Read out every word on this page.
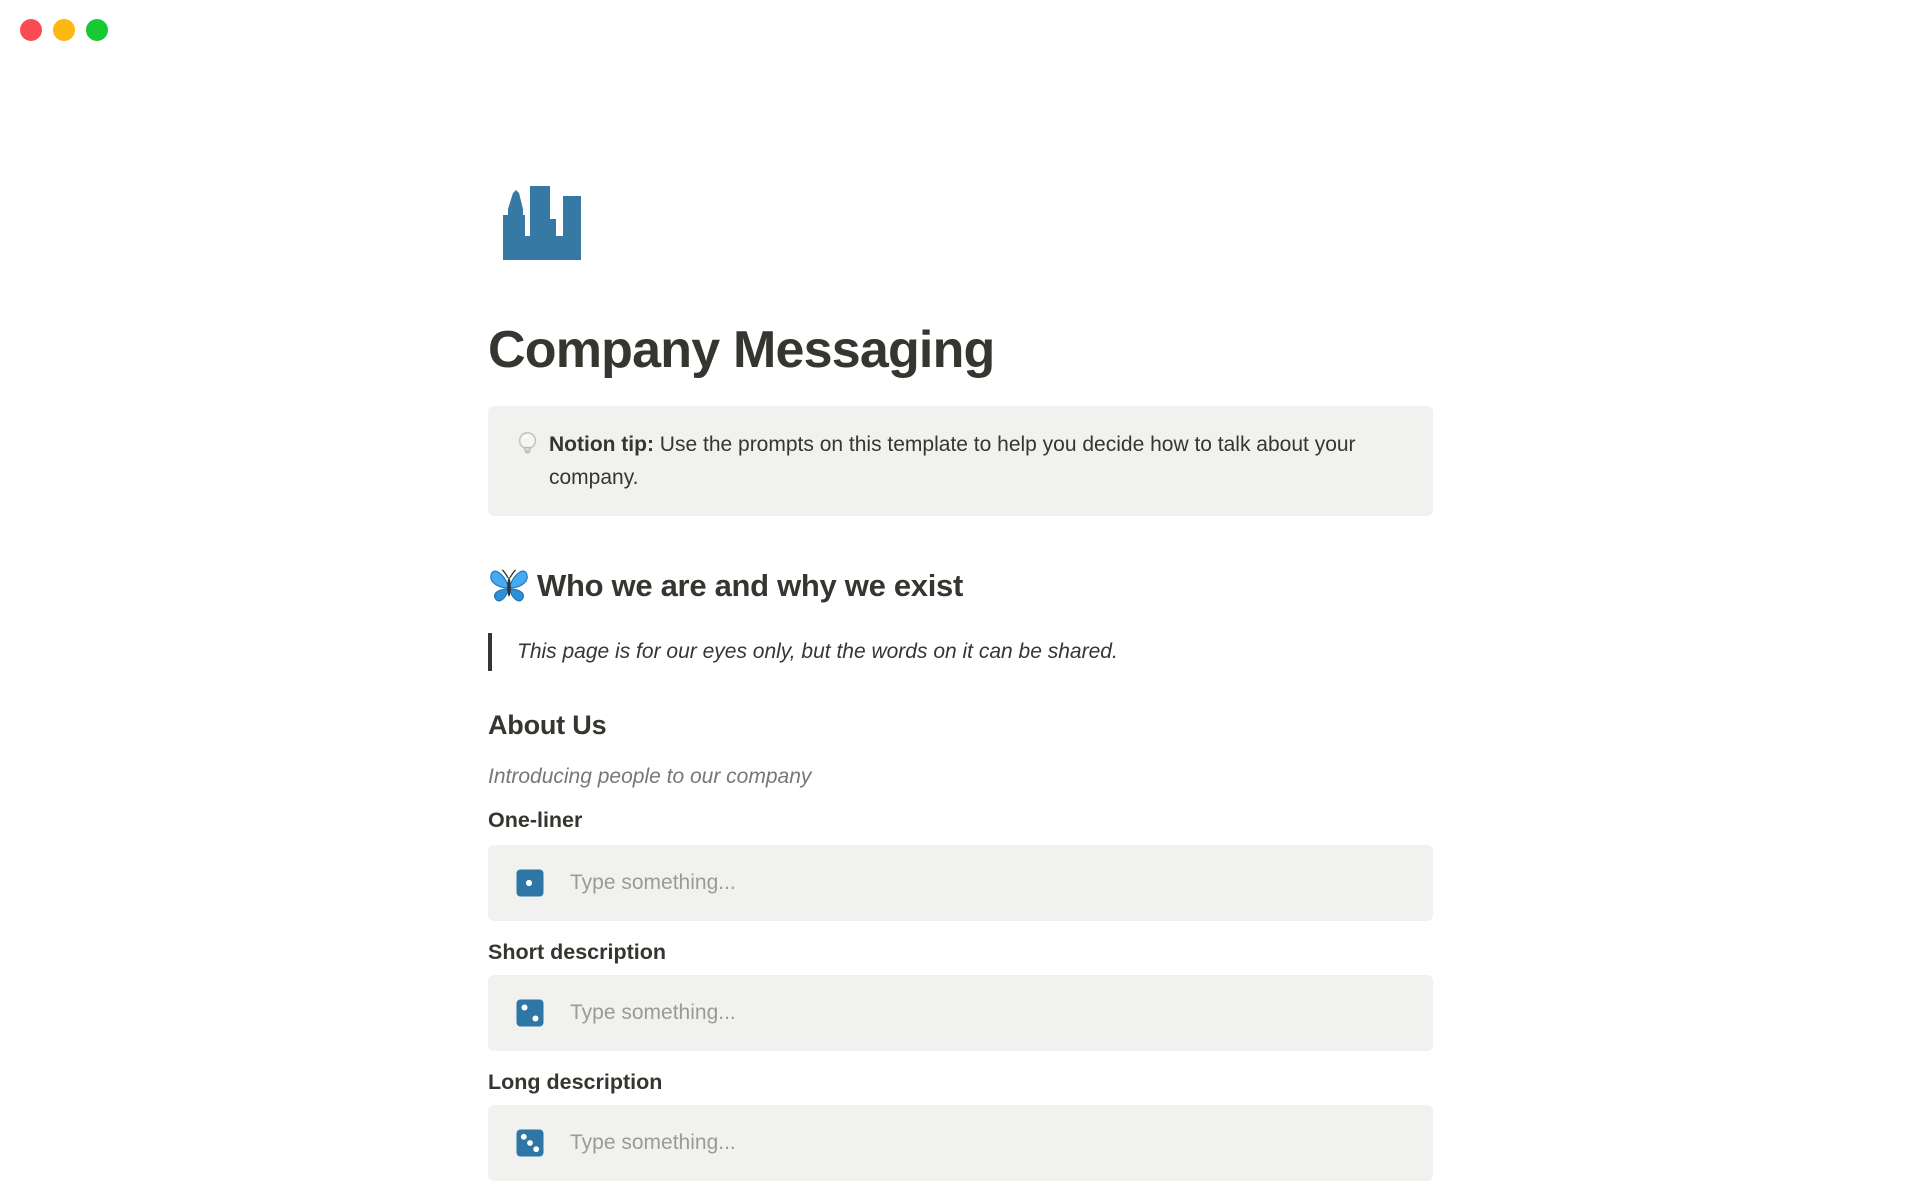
Company Messaging
Notion tip: Use the prompts on this template to help you decide how to talk about your company.
Who we are and why we exist
This page is for our eyes only, but the words on it can be shared.
About Us
Introducing people to our company
One-liner
Type something...
Short description
Type something...
Long description
Type something...
